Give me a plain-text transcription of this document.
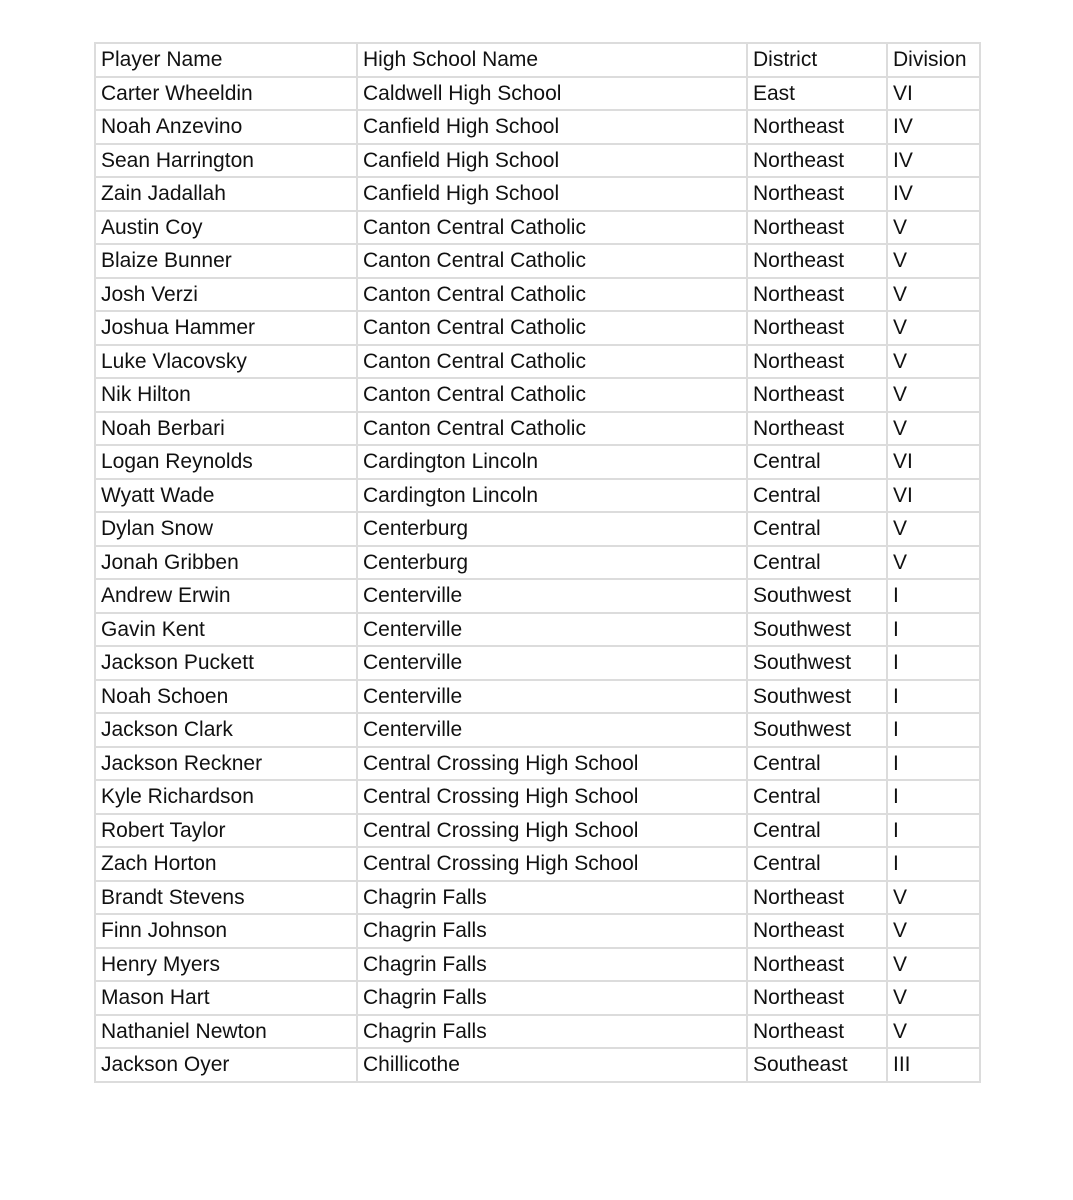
Player Name	High School Name	District	Division
Carter Wheeldin	Caldwell High School	East	VI
Noah Anzevino	Canfield High School	Northeast	IV
Sean Harrington	Canfield High School	Northeast	IV
Zain Jadallah	Canfield High School	Northeast	IV
Austin Coy	Canton Central Catholic	Northeast	V
Blaize Bunner	Canton Central Catholic	Northeast	V
Josh Verzi	Canton Central Catholic	Northeast	V
Joshua Hammer	Canton Central Catholic	Northeast	V
Luke Vlacovsky	Canton Central Catholic	Northeast	V
Nik Hilton	Canton Central Catholic	Northeast	V
Noah Berbari	Canton Central Catholic	Northeast	V
Logan Reynolds	Cardington Lincoln	Central	VI
Wyatt Wade	Cardington Lincoln	Central	VI
Dylan Snow	Centerburg	Central	V
Jonah Gribben	Centerburg	Central	V
Andrew Erwin	Centerville	Southwest	I
Gavin Kent	Centerville	Southwest	I
Jackson Puckett	Centerville	Southwest	I
Noah Schoen	Centerville	Southwest	I
Jackson Clark	Centerville	Southwest	I
Jackson Reckner	Central Crossing High School	Central	I
Kyle Richardson	Central Crossing High School	Central	I
Robert Taylor	Central Crossing High School	Central	I
Zach Horton	Central Crossing High School	Central	I
Brandt Stevens	Chagrin Falls	Northeast	V
Finn Johnson	Chagrin Falls	Northeast	V
Henry Myers	Chagrin Falls	Northeast	V
Mason Hart	Chagrin Falls	Northeast	V
Nathaniel Newton	Chagrin Falls	Northeast	V
Jackson Oyer	Chillicothe	Southeast	III
